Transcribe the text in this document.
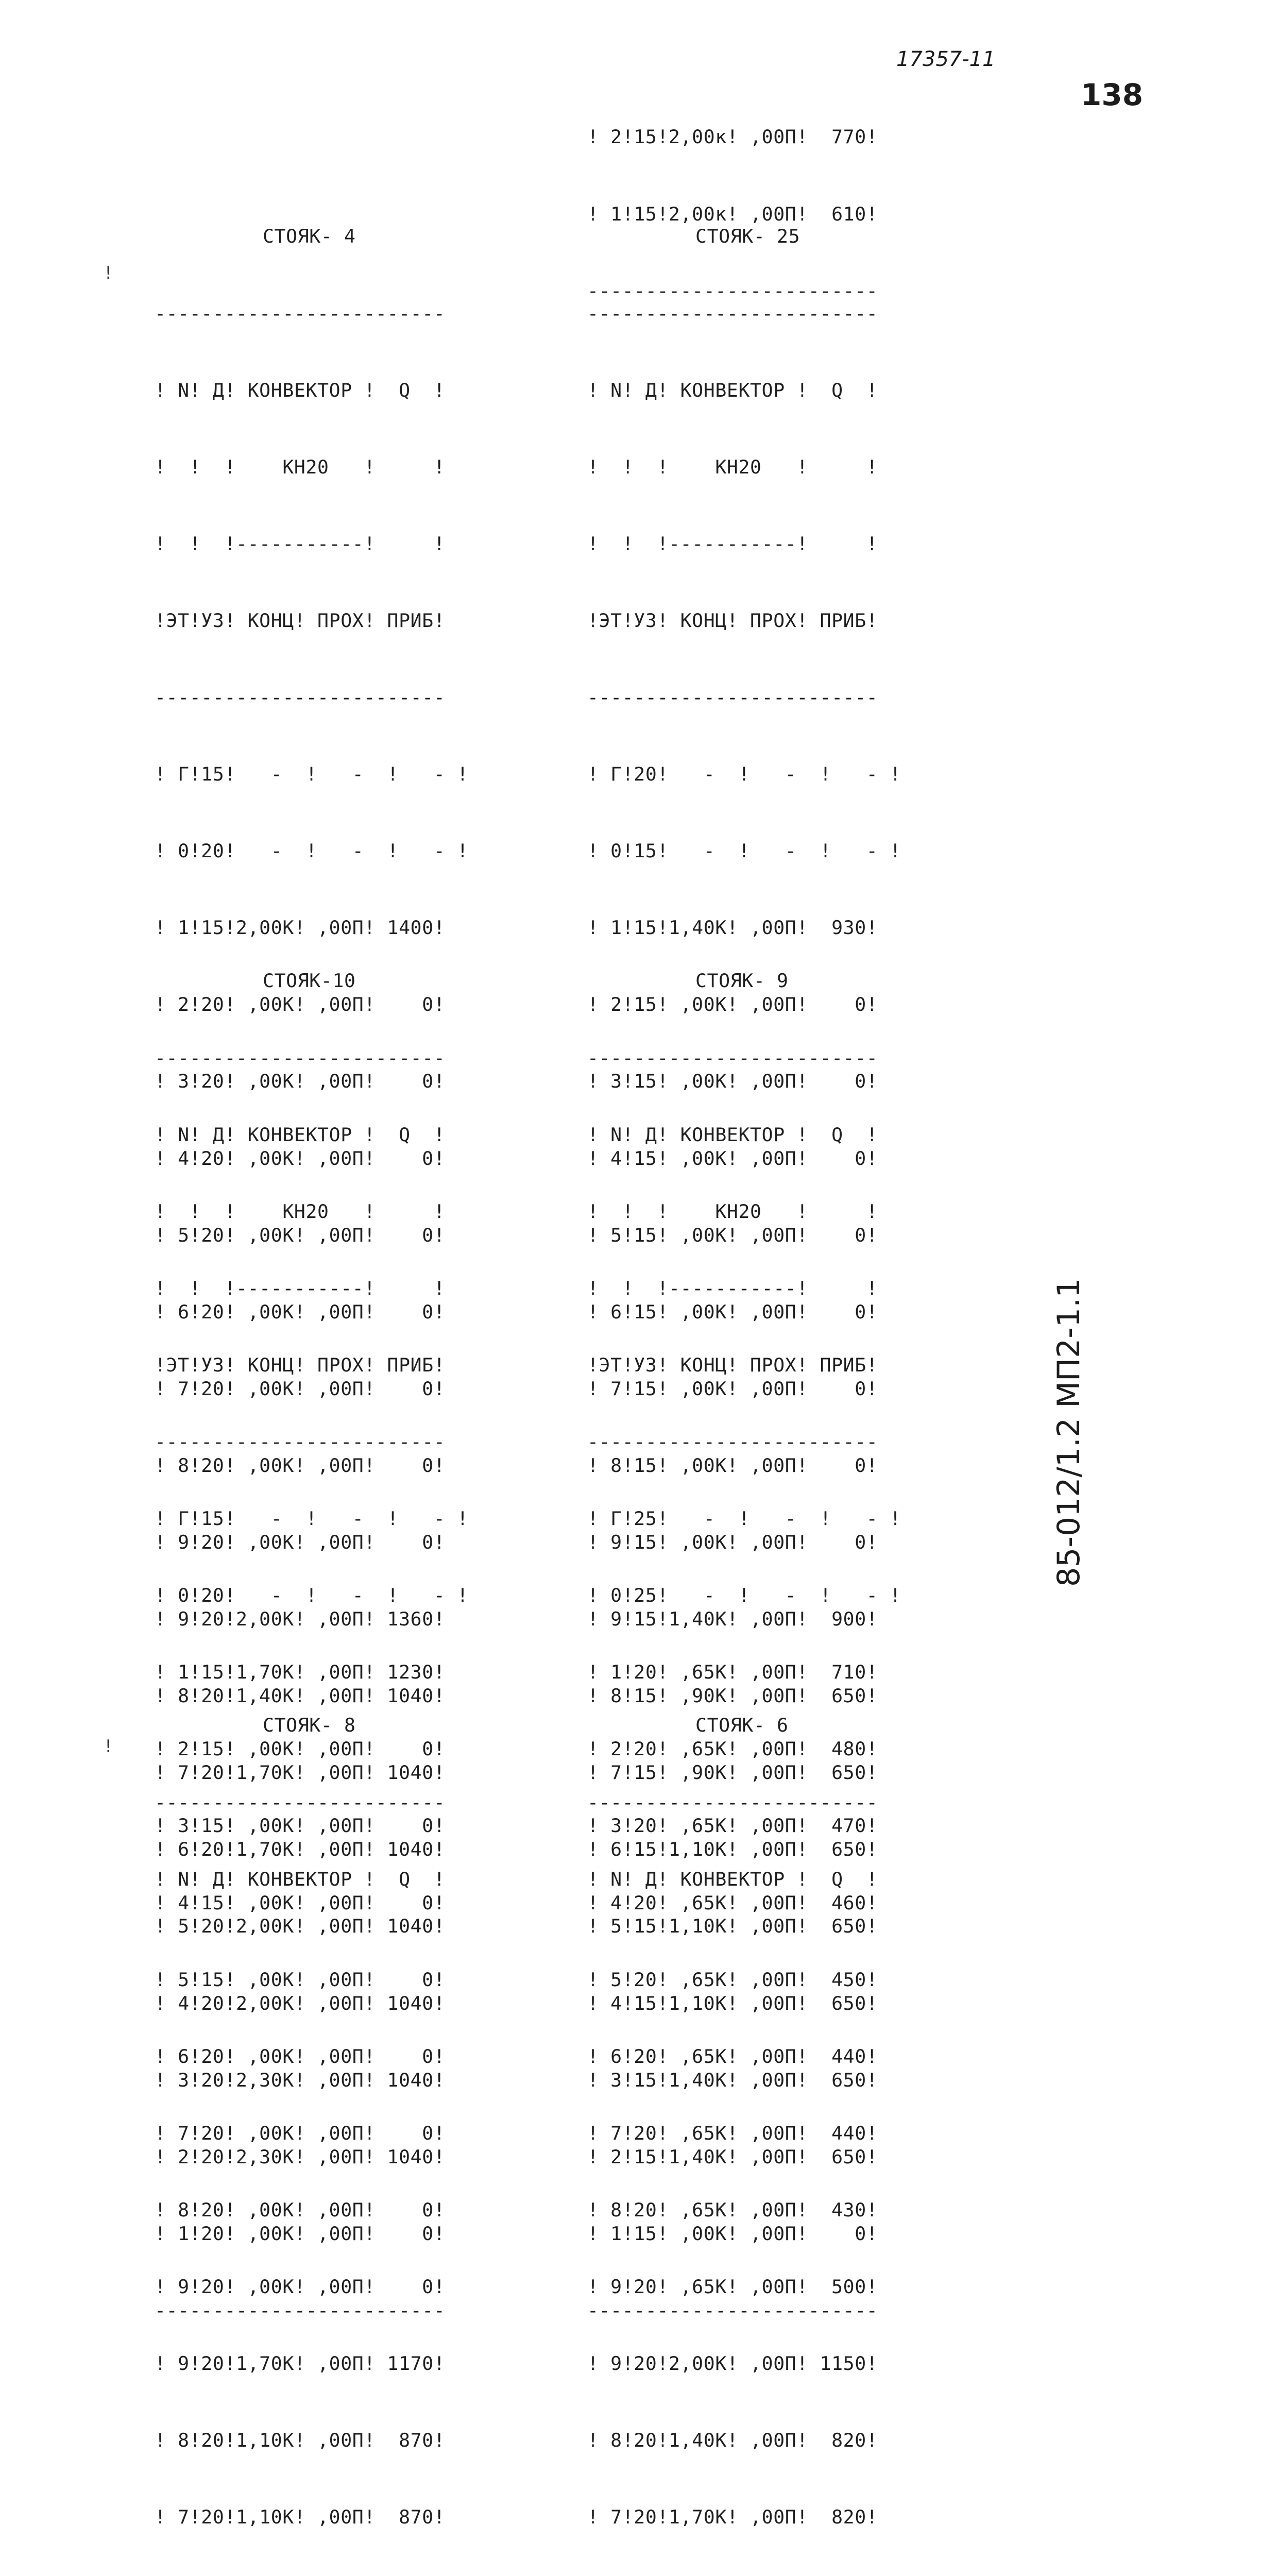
17357-11
138
85-012/1.2 МП2-1.1
!
!

! 2!15!2,00к! ,00П!  770!

! 1!15!2,00к! ,00П!  610!

-------------------------

СТОЯК- 4

-------------------------

! N! Д! КОНВЕКТОР !  Q  !

!  !  !    КН20   !     !

!  !  !-----------!     !

!ЭТ!УЗ! КОНЦ! ПРОХ! ПРИБ!

-------------------------

! Г!15!   -  !   -  !   - !

! 0!20!   -  !   -  !   - !

! 1!15!2,00К! ,00П! 1400!

! 2!20! ,00К! ,00П!    0!

! 3!20! ,00К! ,00П!    0!

! 4!20! ,00К! ,00П!    0!

! 5!20! ,00К! ,00П!    0!

! 6!20! ,00К! ,00П!    0!

! 7!20! ,00К! ,00П!    0!

! 8!20! ,00К! ,00П!    0!

! 9!20! ,00К! ,00П!    0!

! 9!20!2,00К! ,00П! 1360!

! 8!20!1,40К! ,00П! 1040!

! 7!20!1,70К! ,00П! 1040!

! 6!20!1,70К! ,00П! 1040!

! 5!20!2,00К! ,00П! 1040!

! 4!20!2,00К! ,00П! 1040!

! 3!20!2,30К! ,00П! 1040!

! 2!20!2,30К! ,00П! 1040!

! 1!20! ,00К! ,00П!    0!

-------------------------

СТОЯК- 25

-------------------------

! N! Д! КОНВЕКТОР !  Q  !

!  !  !    КН20   !     !

!  !  !-----------!     !

!ЭТ!УЗ! КОНЦ! ПРОХ! ПРИБ!

-------------------------

! Г!20!   -  !   -  !   - !

! 0!15!   -  !   -  !   - !

! 1!15!1,40К! ,00П!  930!

! 2!15! ,00К! ,00П!    0!

! 3!15! ,00К! ,00П!    0!

! 4!15! ,00К! ,00П!    0!

! 5!15! ,00К! ,00П!    0!

! 6!15! ,00К! ,00П!    0!

! 7!15! ,00К! ,00П!    0!

! 8!15! ,00К! ,00П!    0!

! 9!15! ,00К! ,00П!    0!

! 9!15!1,40К! ,00П!  900!

! 8!15! ,90К! ,00П!  650!

! 7!15! ,90К! ,00П!  650!

! 6!15!1,10К! ,00П!  650!

! 5!15!1,10К! ,00П!  650!

! 4!15!1,10К! ,00П!  650!

! 3!15!1,40К! ,00П!  650!

! 2!15!1,40К! ,00П!  650!

! 1!15! ,00К! ,00П!    0!

-------------------------

СТОЯК-10

-------------------------

! N! Д! КОНВЕКТОР !  Q  !

!  !  !    КН20   !     !

!  !  !-----------!     !

!ЭТ!УЗ! КОНЦ! ПРОХ! ПРИБ!

-------------------------

! Г!15!   -  !   -  !   - !

! 0!20!   -  !   -  !   - !

! 1!15!1,70К! ,00П! 1230!

! 2!15! ,00К! ,00П!    0!

! 3!15! ,00К! ,00П!    0!

! 4!15! ,00К! ,00П!    0!

! 5!15! ,00К! ,00П!    0!

! 6!20! ,00К! ,00П!    0!

! 7!20! ,00К! ,00П!    0!

! 8!20! ,00К! ,00П!    0!

! 9!20! ,00К! ,00П!    0!

! 9!20!1,70К! ,00П! 1170!

! 8!20!1,10К! ,00П!  870!

! 7!20!1,10К! ,00П!  870!

СТОЯК- 9

-------------------------

! N! Д! КОНВЕКТОР !  Q  !

!  !  !    КН20   !     !

!  !  !-----------!     !

!ЭТ!УЗ! КОНЦ! ПРОХ! ПРИБ!

-------------------------

! Г!25!   -  !   -  !   - !

! 0!25!   -  !   -  !   - !

! 1!20! ,65К! ,00П!  710!

! 2!20! ,65К! ,00П!  480!

! 3!20! ,65К! ,00П!  470!

! 4!20! ,65К! ,00П!  460!

! 5!20! ,65К! ,00П!  450!

! 6!20! ,65К! ,00П!  440!

! 7!20! ,65К! ,00П!  440!

! 8!20! ,65К! ,00П!  430!

! 9!20! ,65К! ,00П!  500!

! 9!20!2,00К! ,00П! 1150!

! 8!20!1,40К! ,00П!  820!

! 7!20!1,70К! ,00П!  820!

СТОЯК- 8

-------------------------

! N! Д! КОНВЕКТОР !  Q  !

СТОЯК- 6

-------------------------

! N! Д! КОНВЕКТОР !  Q  !
